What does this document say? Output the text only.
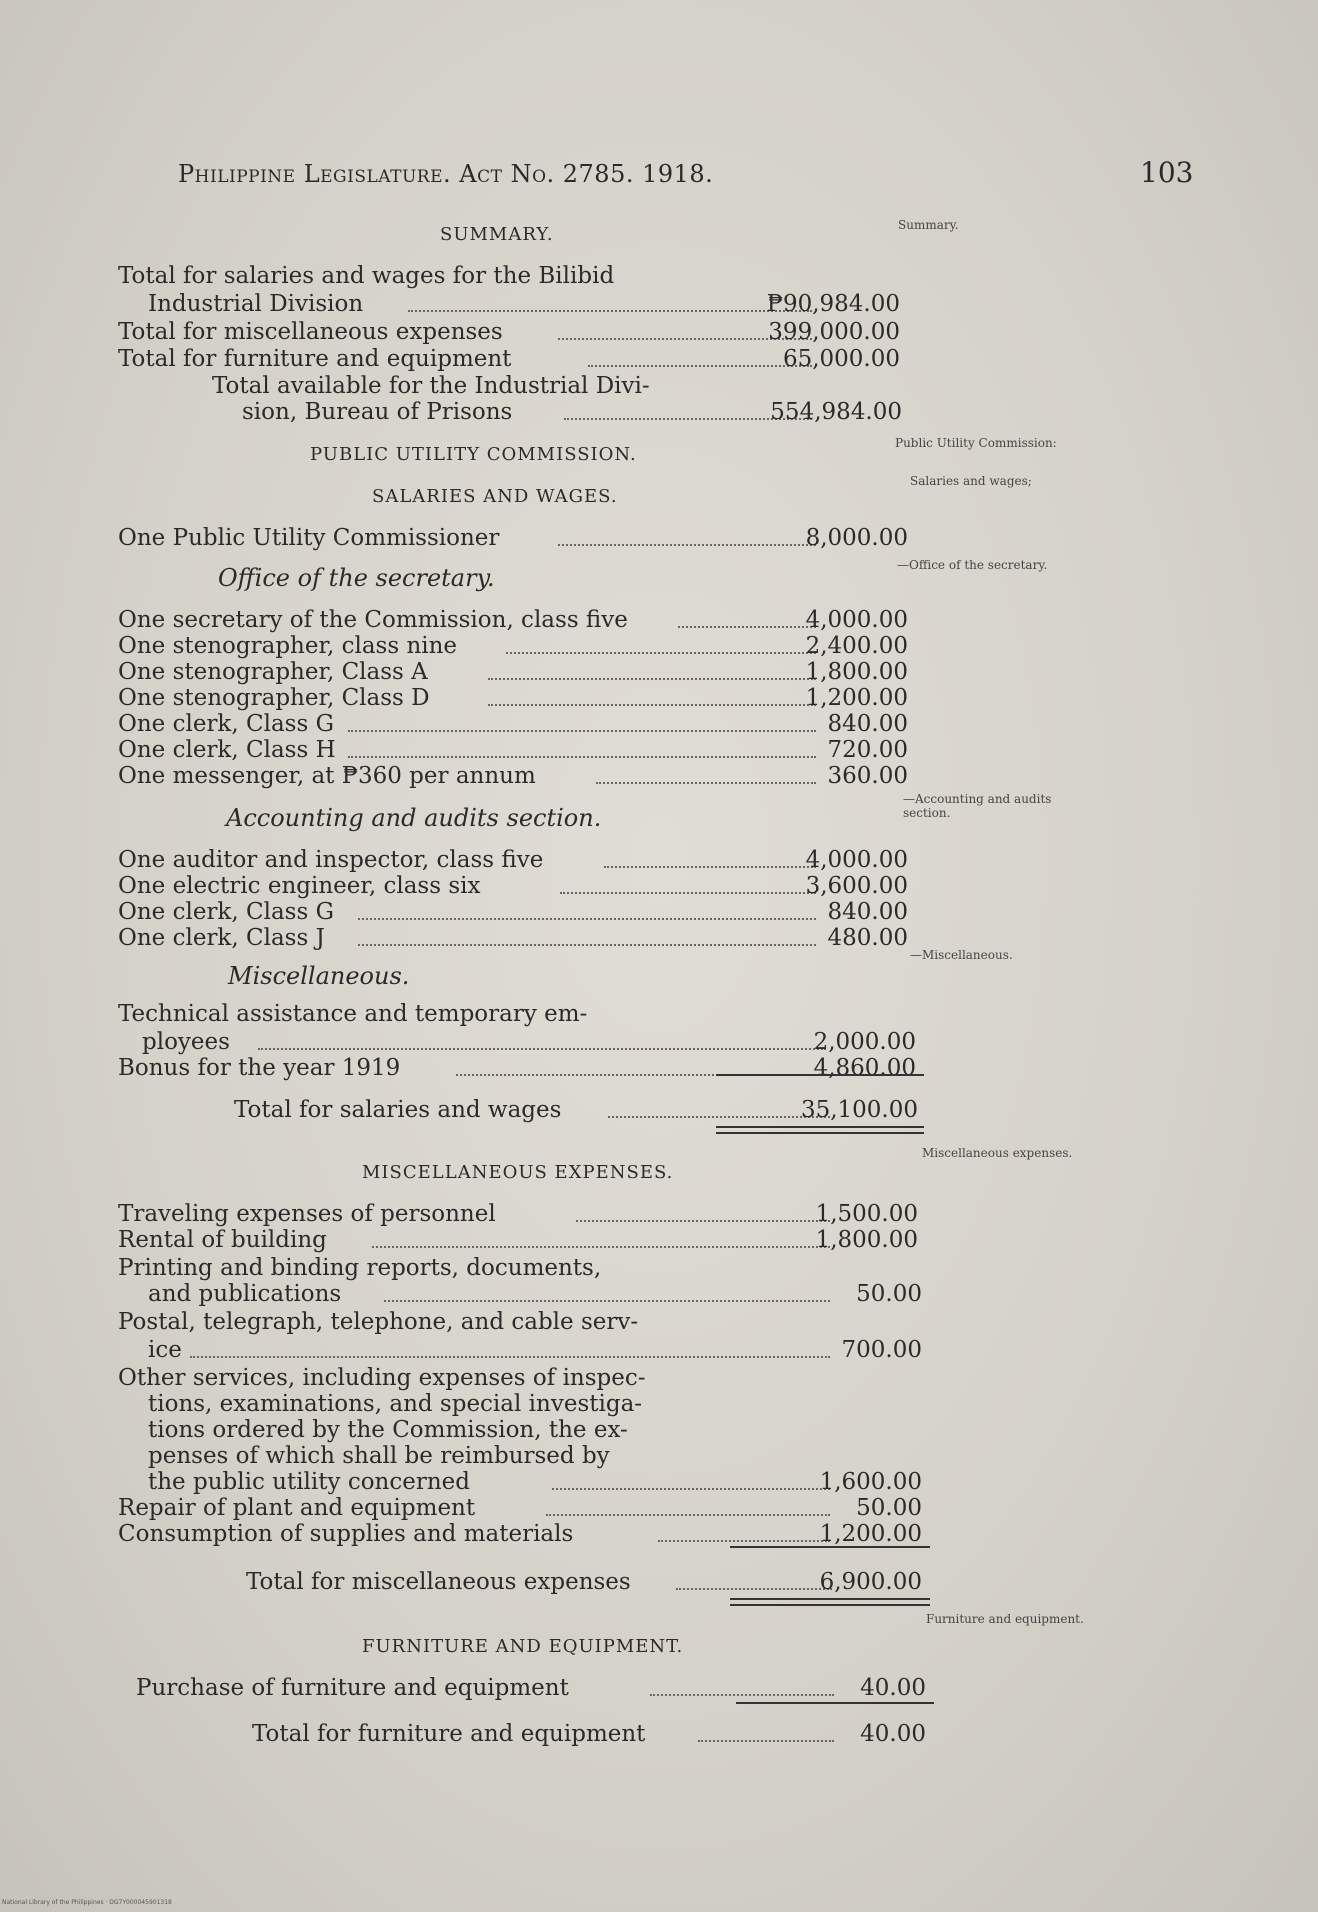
Philippine Legislature. Act No. 2785. 1918.	103
Summary.
Public Utility Commission:
Salaries and wages;
—Office of the secretary.
—Accounting and audits section.
—Miscellaneous.
Miscellaneous expenses.
Furniture and equipment.
SUMMARY.
Total for salaries and wages for the Bilibid
Industrial Division	₱90,984.00
Total for miscellaneous expenses	399,000.00
Total for furniture and equipment	65,000.00
Total available for the Industrial Divi-
sion, Bureau of Prisons	554,984.00
PUBLIC UTILITY COMMISSION.
SALARIES AND WAGES.
One Public Utility Commissioner	8,000.00
Office of the secretary.
One secretary of the Commission, class five	4,000.00
One stenographer, class nine	2,400.00
One stenographer, Class A	1,800.00
One stenographer, Class D	1,200.00
One clerk, Class G	840.00
One clerk, Class H	720.00
One messenger, at ₱360 per annum	360.00
Accounting and audits section.
One auditor and inspector, class five	4,000.00
One electric engineer, class six	3,600.00
One clerk, Class G	840.00
One clerk, Class J	480.00
Miscellaneous.
Technical assistance and temporary em-
ployees	2,000.00
Bonus for the year 1919	4,860.00
Total for salaries and wages	35,100.00
MISCELLANEOUS EXPENSES.
Traveling expenses of personnel	1,500.00
Rental of building	1,800.00
Printing and binding reports, documents,
and publications	50.00
Postal, telegraph, telephone, and cable serv-
ice	700.00
Other services, including expenses of inspec-
tions, examinations, and special investiga-
tions ordered by the Commission, the ex-
penses of which shall be reimbursed by
the public utility concerned	1,600.00
Repair of plant and equipment	50.00
Consumption of supplies and materials	1,200.00
Total for miscellaneous expenses	6,900.00
FURNITURE AND EQUIPMENT.
Purchase of furniture and equipment	40.00
Total for furniture and equipment	40.00
National Library of the Philippines · DG7Y000045901318
